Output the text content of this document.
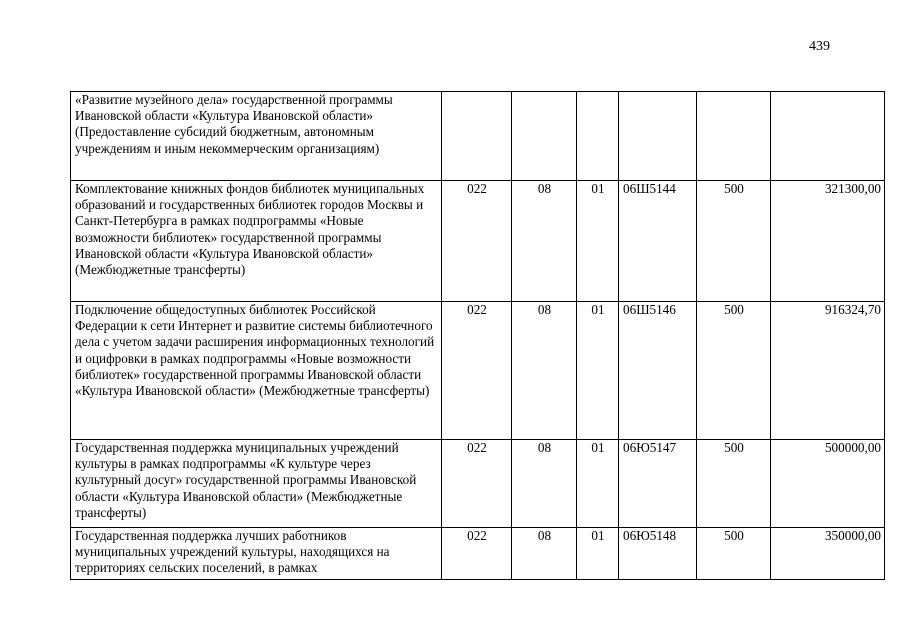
439
«Развитие музейного дела» государственной программы Ивановской области «Культура Ивановской области» (Предоставление субсидий бюджетным, автономным учреждениям и иным некоммерческим организациям)						

Комплектование книжных фондов библиотек муниципальных образований и государственных библиотек городов Москвы и Санкт-Петербурга в рамках подпрограммы «Новые возможности библиотек» государственной программы Ивановской области «Культура Ивановской области» (Межбюджетные трансферты)	022	08	01	06Ш5144	500	321300,00

Подключение общедоступных библиотек Российской Федерации к сети Интернет и развитие системы библиотечного дела с учетом задачи расширения информационных технологий и оцифровки в рамках подпрограммы «Новые возможности библиотек» государственной программы Ивановской области «Культура Ивановской области» (Межбюджетные трансферты)	022	08	01	06Ш5146	500	916324,70

Государственная поддержка муниципальных учреждений культуры в рамках подпрограммы «К культуре через культурный досуг» государственной программы Ивановской области «Культура Ивановской области» (Межбюджетные трансферты)	022	08	01	06Ю5147	500	500000,00

Государственная поддержка лучших работников муниципальных учреждений культуры, находящихся на территориях сельских поселений, в рамках	022	08	01	06Ю5148	500	350000,00
